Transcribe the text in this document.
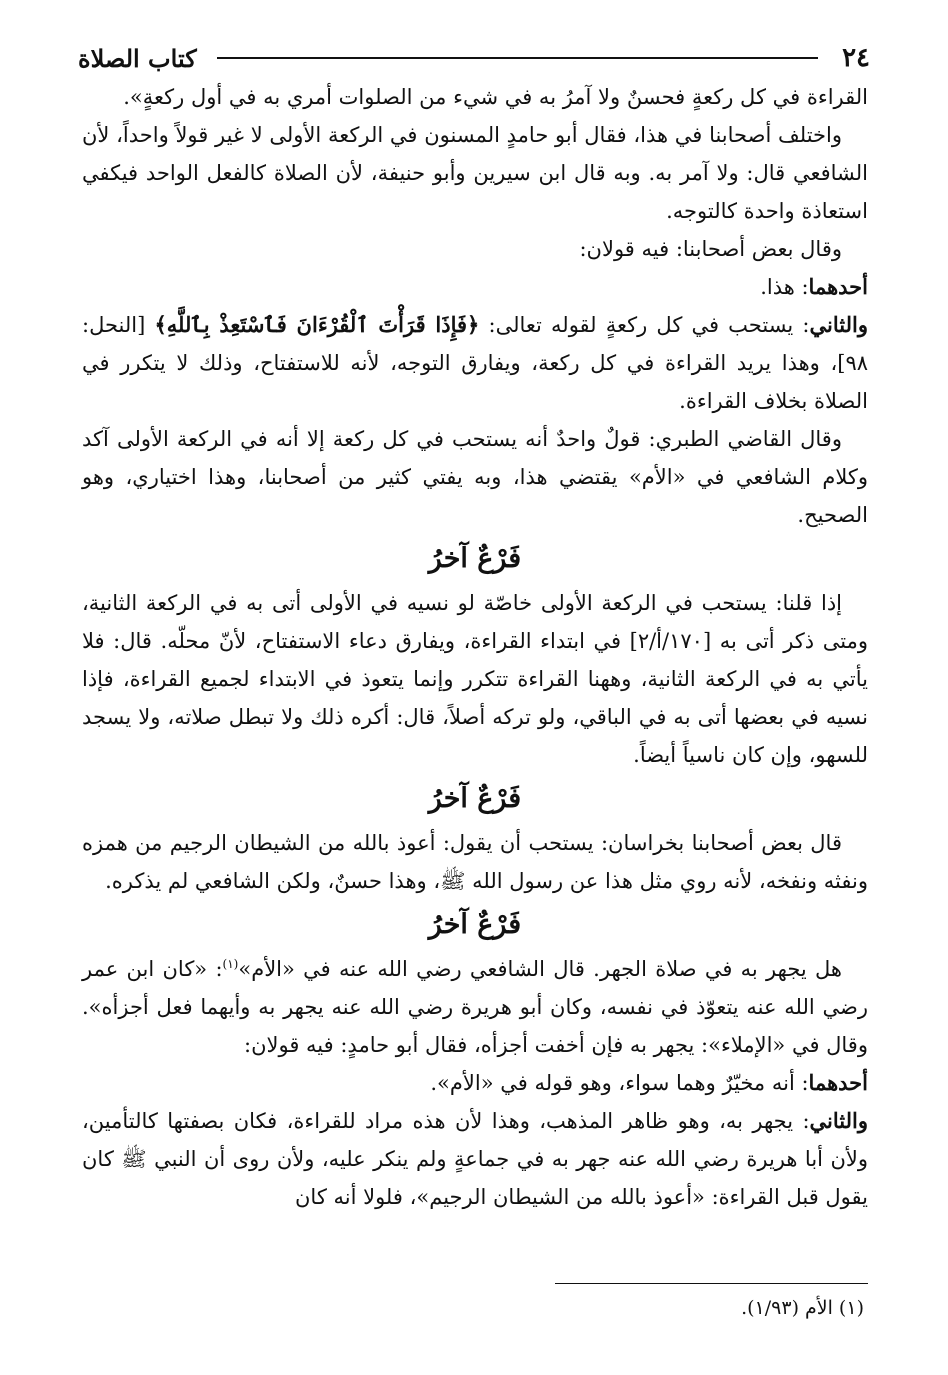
٢٤
كتاب الصلاة

القراءة في كل ركعةٍ فحسنٌ ولا آمرُ به في شيء من الصلوات أمري به في أول ركعةٍ».

واختلف أصحابنا في هذا، فقال أبو حامدٍ المسنون في الركعة الأولى لا غير قولاً واحداً، لأن الشافعي قال: ولا آمر به. وبه قال ابن سيرين وأبو حنيفة، لأن الصلاة كالفعل الواحد فيكفي استعاذة واحدة كالتوجه.

وقال بعض أصحابنا: فيه قولان:

أحدهما: هذا.

والثاني: يستحب في كل ركعةٍ لقوله تعالى: ﴿فَإِذَا قَرَأْتَ ٱلْقُرْءَانَ فَٱسْتَعِذْ بِٱللَّهِ﴾ [النحل: ٩٨]، وهذا يريد القراءة في كل ركعة، ويفارق التوجه، لأنه للاستفتاح، وذلك لا يتكرر في الصلاة بخلاف القراءة.

وقال القاضي الطبري: قولٌ واحدٌ أنه يستحب في كل ركعة إلا أنه في الركعة الأولى آكد وكلام الشافعي في «الأم» يقتضي هذا، وبه يفتي كثير من أصحابنا، وهذا اختياري، وهو الصحيح.

فَرْعٌ آخرُ

إذا قلنا: يستحب في الركعة الأولى خاصّة لو نسيه في الأولى أتى به في الركعة الثانية، ومتى ذكر أتى به [١٧٠/أ/٢] في ابتداء القراءة، ويفارق دعاء الاستفتاح، لأنّ محلّه. قال: فلا يأتي به في الركعة الثانية، وههنا القراءة تتكرر وإنما يتعوذ في الابتداء لجميع القراءة، فإذا نسيه في بعضها أتى به في الباقي، ولو تركه أصلاً، قال: أكره ذلك ولا تبطل صلاته، ولا يسجد للسهو، وإن كان ناسياً أيضاً.

فَرْعٌ آخرُ

قال بعض أصحابنا بخراسان: يستحب أن يقول: أعوذ بالله من الشيطان الرجيم من همزه ونفثه ونفخه، لأنه روي مثل هذا عن رسول الله ﷺ، وهذا حسنٌ، ولكن الشافعي لم يذكره.

فَرْعٌ آخرُ

هل يجهر به في صلاة الجهر. قال الشافعي رضي الله عنه في «الأم»$^{(١)}$: «كان ابن عمر رضي الله عنه يتعوّذ في نفسه، وكان أبو هريرة رضي الله عنه يجهر به وأيهما فعل أجزأه». وقال في «الإملاء»: يجهر به فإن أخفت أجزأه، فقال أبو حامدٍ: فيه قولان:

أحدهما: أنه مخيّرٌ وهما سواء، وهو قوله في «الأم».

والثاني: يجهر به، وهو ظاهر المذهب، وهذا لأن هذه مراد للقراءة، فكان بصفتها كالتأمين، ولأن أبا هريرة رضي الله عنه جهر به في جماعةٍ ولم ينكر عليه، ولأن روى أن النبي ﷺ كان يقول قبل القراءة: «أعوذ بالله من الشيطان الرجيم»، فلولا أنه كان

(١) الأم (١/٩٣).
